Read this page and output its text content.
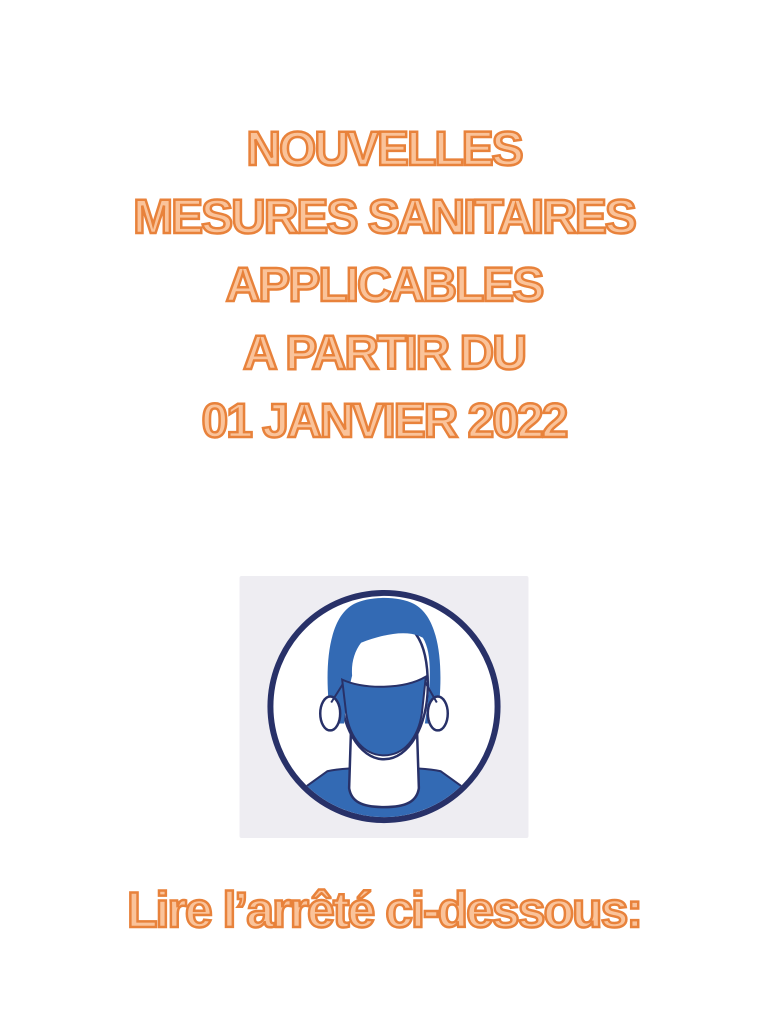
NOUVELLES
MESURES SANITAIRES
APPLICABLES
A PARTIR DU
01 JANVIER 2022
Lire l’arrêté ci-dessous:
